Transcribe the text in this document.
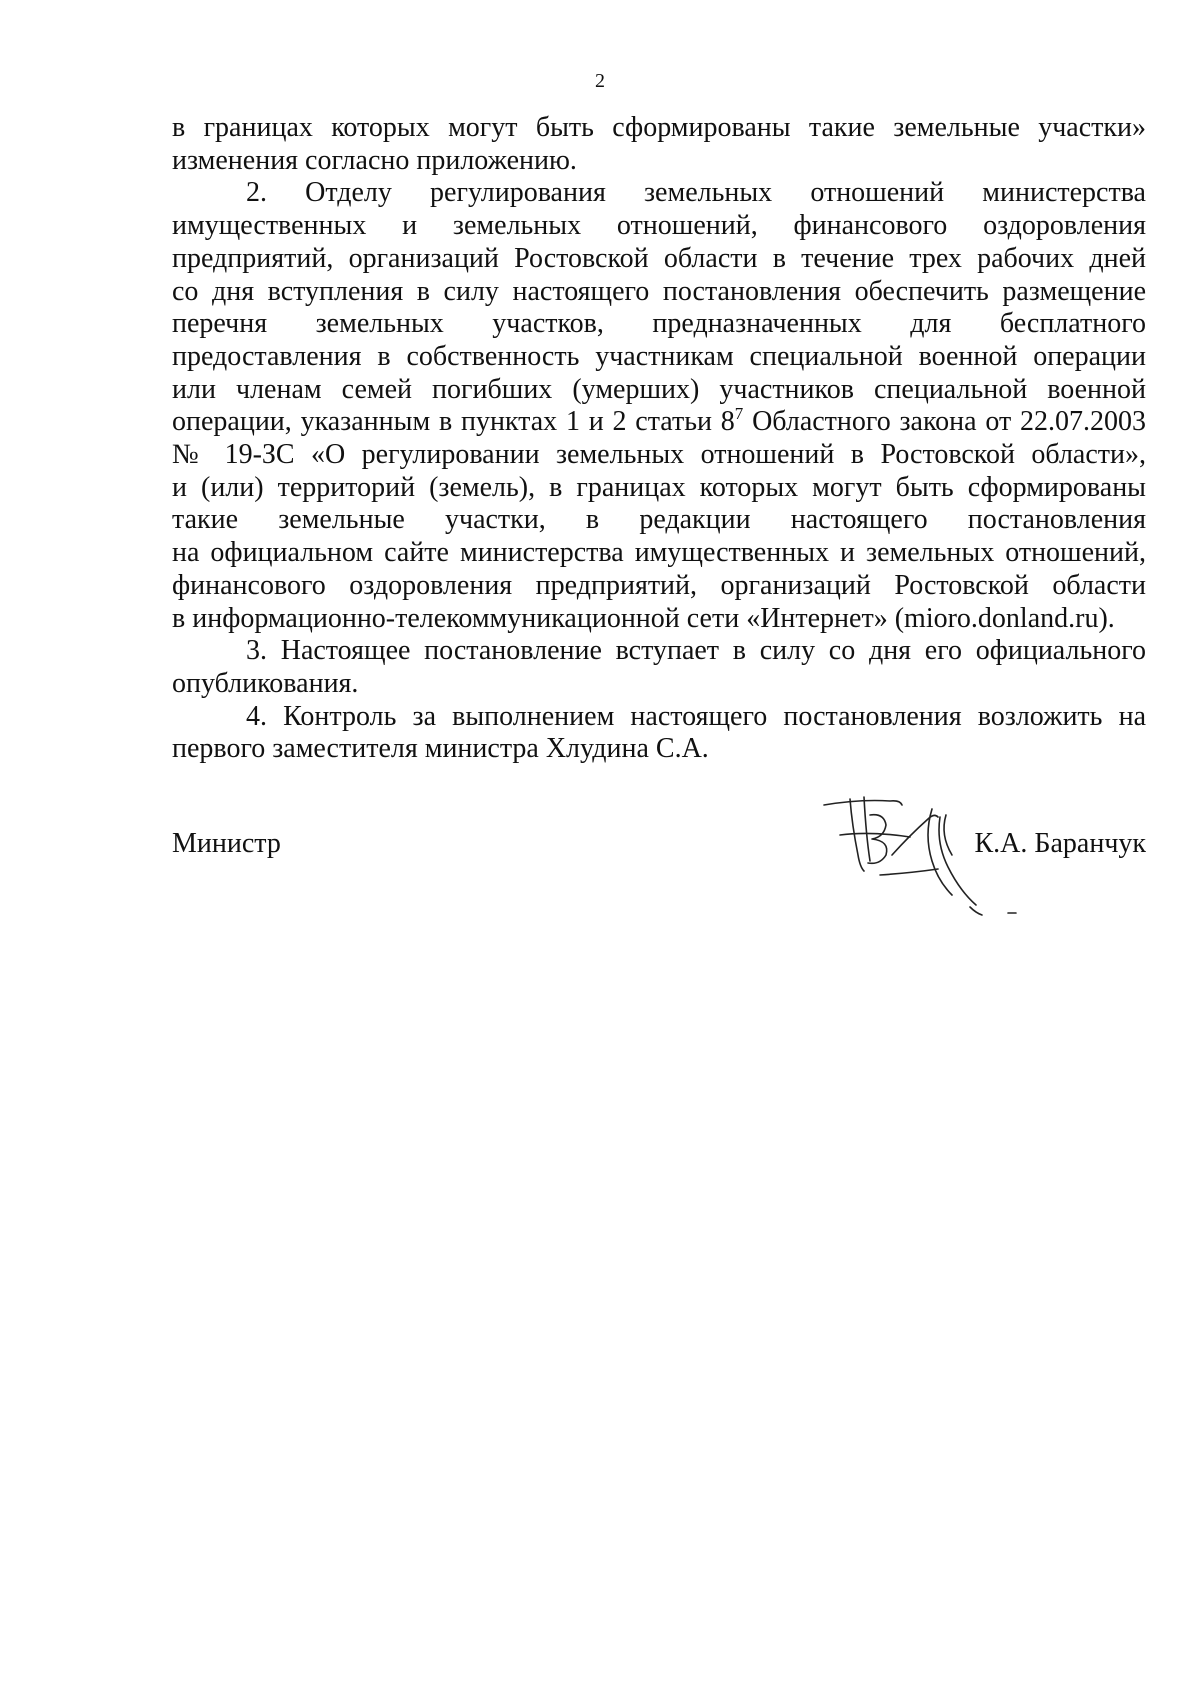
2

в границах которых могут быть сформированы такие земельные участки»
изменения согласно приложению.

2. Отделу регулирования земельных отношений министерства
имущественных и земельных отношений, финансового оздоровления
предприятий, организаций Ростовской области в течение трех рабочих дней
со дня вступления в силу настоящего постановления обеспечить размещение
перечня земельных участков, предназначенных для бесплатного
предоставления в собственность участникам специальной военной операции
или членам семей погибших (умерших) участников специальной военной
операции, указанным в пунктах 1 и 2 статьи $8^7$ Областного закона от 22.07.2003
№ 19-ЗС «О регулировании земельных отношений в Ростовской области»,
и (или) территорий (земель), в границах которых могут быть сформированы
такие земельные участки, в редакции настоящего постановления
на официальном сайте министерства имущественных и земельных отношений,
финансового оздоровления предприятий, организаций Ростовской области
в информационно-телекоммуникационной сети «Интернет» (mioro.donland.ru).

3. Настоящее постановление вступает в силу со дня его официального
опубликования.

4. Контроль за выполнением настоящего постановления возложить на
первого заместителя министра Хлудина С.А.

Министр	К.А. Баранчук
